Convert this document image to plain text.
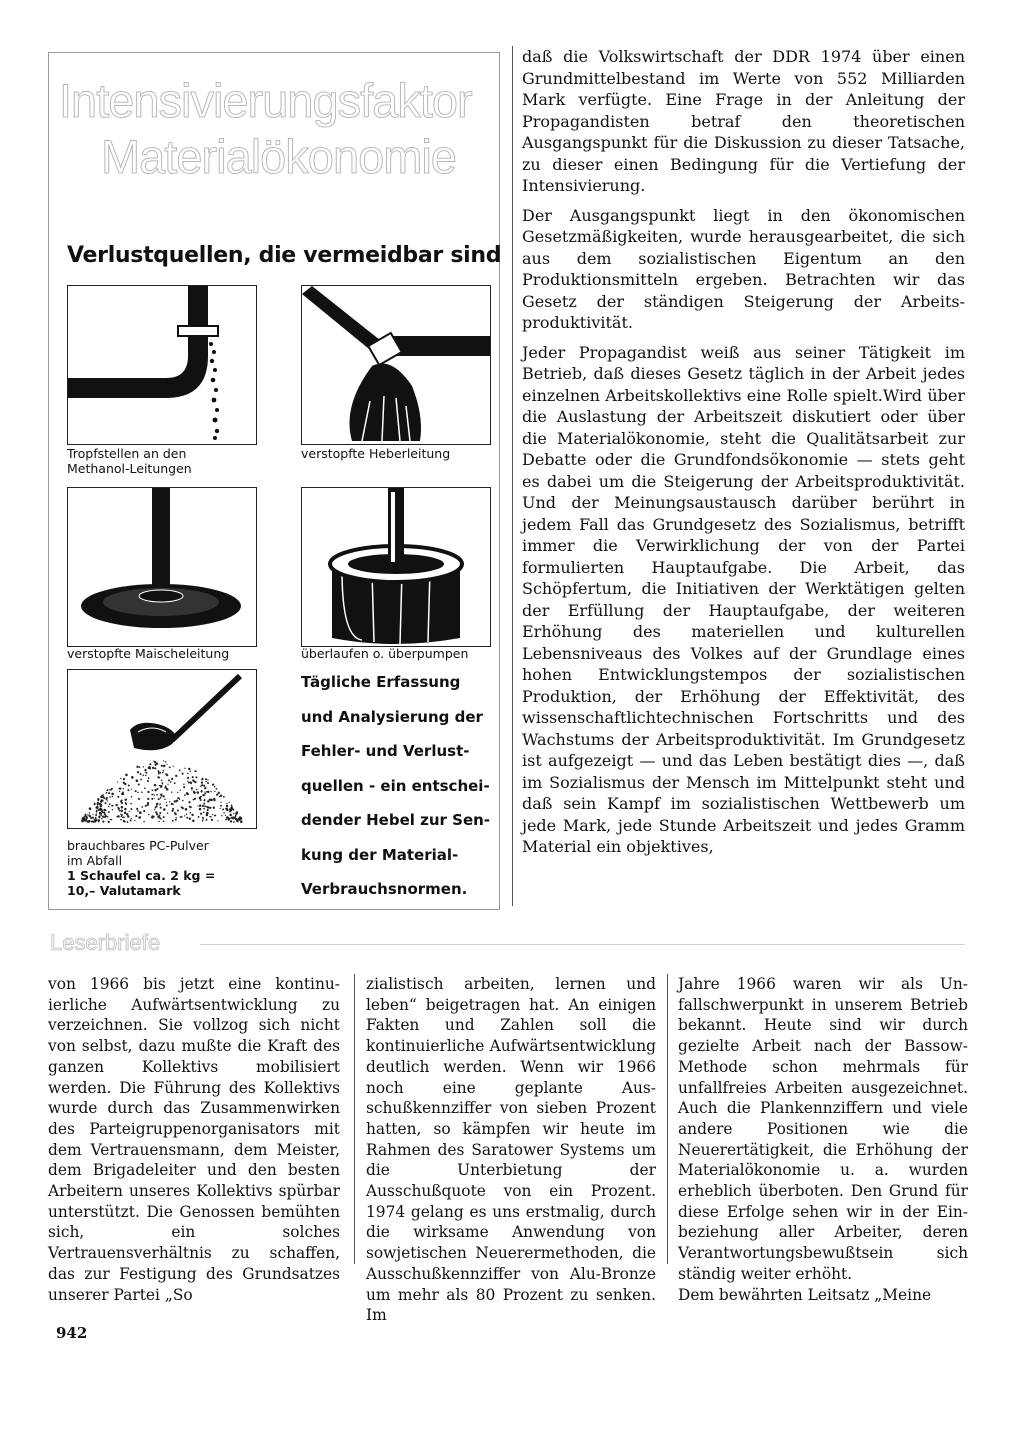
Intensivierungsfaktor
Materialökonomie
Verlustquellen, die vermeidbar sind
Tropfstellen an den
Methanol-Leitungen
verstopfte Heberleitung
verstopfte Maischeleitung	überlaufen o. überpumpen
brauchbares PC-Pulver
im Abfall
1 Schaufel ca. 2 kg =
10,– Valutamark
Tägliche Erfassung
und Analysierung der
Fehler- und Verlust-
quellen - ein entschei-
dender Hebel zur Sen-
kung der Material-
Verbrauchsnormen.

daß die Volkswirtschaft der DDR 1974 über einen Grundmittelbestand im Werte von 552 Milliarden Mark verfügte. Eine Frage in der Anleitung der Propagandisten betraf den theoretischen Ausgangspunkt für die Diskussion zu dieser Tatsache, zu dieser einen Bedingung für die Vertiefung der Intensivierung.

Der Ausgangspunkt liegt in den ökonomischen Gesetzmäßigkeiten, wurde herausgearbeitet, die sich aus dem sozialistischen Eigentum an den Produktionsmitteln ergeben. Betrachten wir das Gesetz der ständigen Steigerung der Arbeitsproduktivität.

Jeder Propagandist weiß aus seiner Tätigkeit im Betrieb, daß dieses Gesetz täglich in der Arbeit jedes einzelnen Arbeitskollektivs eine Rolle spielt.Wird über die Auslastung der Arbeitszeit diskutiert oder über die Materialökonomie, steht die Qualitätsarbeit zur Debatte oder die Grundfondsökonomie — stets geht es dabei um die Steigerung der Arbeitsproduktivität. Und der Meinungsaustausch darüber berührt in jedem Fall das Grundgesetz des Sozialismus, betrifft immer die Verwirklichung der von der Partei formulierten Hauptaufgabe. Die Arbeit, das Schöpfertum, die Initiativen der Werktätigen gelten der Erfüllung der Hauptaufgabe, der weiteren Erhöhung des materiellen und kulturellen Lebensniveaus des Volkes auf der Grundlage eines hohen Entwicklungstempos der sozialistischen Produktion, der Erhöhung der Effektivität, des wissenschaftlichtechnischen Fortschritts und des Wachstums der Arbeitsproduktivität. Im Grundgesetz ist aufgezeigt — und das Leben bestätigt dies —, daß im Sozialismus der Mensch im Mittelpunkt steht und daß sein Kampf im sozialistischen Wettbewerb um jede Mark, jede Stunde Arbeitszeit und jedes Gramm Material ein objektives,

Leserbriefe

von 1966 bis jetzt eine kontinuierliche Aufwärtsentwicklung zu verzeichnen. Sie vollzog sich nicht von selbst, dazu mußte die Kraft des ganzen Kollektivs mobilisiert werden. Die Führung des Kollektivs wurde durch das Zusammenwirken des Parteigruppenorganisators mit dem Vertrauensmann, dem Meister, dem Brigadeleiter und den besten Arbeitern unseres Kollektivs spürbar unterstützt. Die Genossen bemühten sich, ein solches Vertrauensverhältnis zu schaffen, das zur Festigung des Grundsatzes unserer Partei „So

zialistisch arbeiten, lernen und leben“ beigetragen hat. An einigen Fakten und Zahlen soll die kontinuierliche Aufwärtsentwicklung deutlich werden. Wenn wir 1966 noch eine geplante Ausschußkennziffer von sieben Prozent hatten, so kämpfen wir heute im Rahmen des Saratower Systems um die Unterbietung der Ausschußquote von ein Prozent. 1974 gelang es uns erstmalig, durch die wirksame Anwendung von sowjetischen Neuerermethoden, die Ausschußkennziffer von Alu-Bronze um mehr als 80 Prozent zu senken. Im

Jahre 1966 waren wir als Unfallschwerpunkt in unserem Betrieb bekannt. Heute sind wir durch gezielte Arbeit nach der Bassow-Methode schon mehrmals für unfallfreies Arbeiten ausgezeichnet. Auch die Plankennziffern und viele andere Positionen wie die Neuerertätigkeit, die Erhöhung der Materialökonomie u. a. wurden erheblich überboten. Den Grund für diese Erfolge sehen wir in der Einbeziehung aller Arbeiter, deren Verantwortungsbewußtsein sich ständig weiter erhöht.

Dem bewährten Leitsatz „Meine

942
